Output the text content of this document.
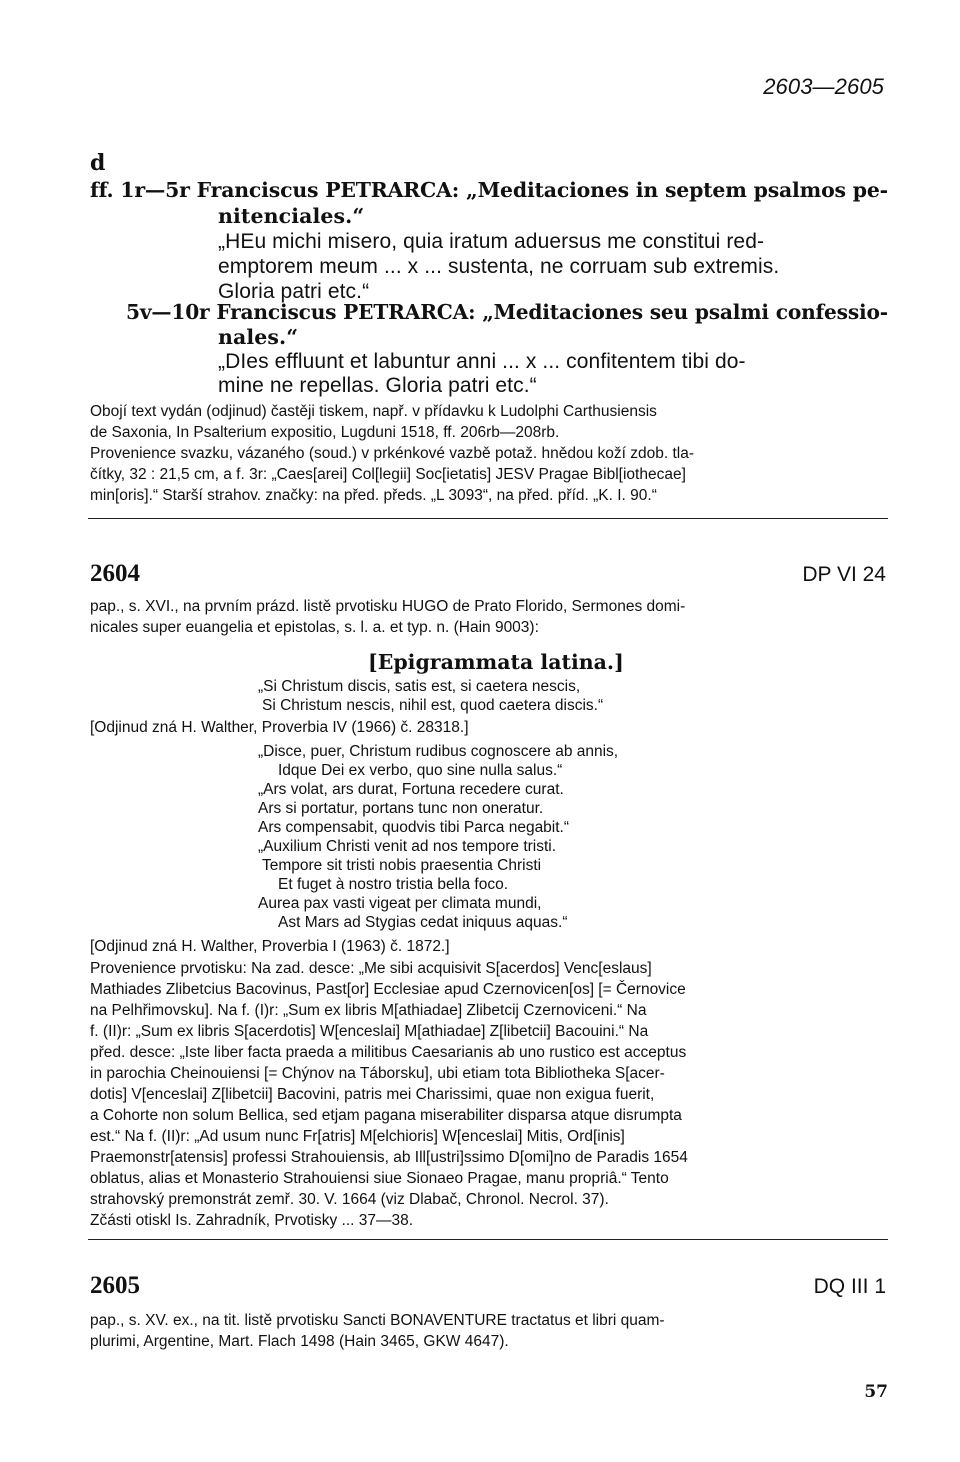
2603—2605
d
ff. 1r—5r Franciscus PETRARCA: „Meditaciones in septem psalmos pe-
nitenciales.“
„HEu michi misero, quia iratum aduersus me constitui red-
emptorem meum ... x ... sustenta, ne corruam sub extremis.
Gloria patri etc.“
5v—10r Franciscus PETRARCA: „Meditaciones seu psalmi confessio-
nales.“
„DIes effluunt et labuntur anni ... x ... confitentem tibi do-
mine ne repellas. Gloria patri etc.“
Obojí text vydán (odjinud) častěji tiskem, např. v přídavku k Ludolphi Carthusiensis
de Saxonia, In Psalterium expositio, Lugduni 1518, ff. 206rb—208rb.
Provenience svazku, vázaného (soud.) v prkénkové vazbě potaž. hnědou koží zdob. tla-
čítky, 32 : 21,5 cm, a f. 3r: „Caes[arei] Col[legii] Soc[ietatis] JESV Pragae Bibl[iothecae]
min[oris].“ Starší strahov. značky: na před. předs. „L 3093“, na před. příd. „K. I. 90.“
2604	DP VI 24
pap., s. XVI., na prvním prázd. listě prvotisku HUGO de Prato Florido, Sermones domi-
nicales super euangelia et epistolas, s. l. a. et typ. n. (Hain 9003):
[Epigrammata latina.]
„Si Christum discis, satis est, si caetera nescis,
Si Christum nescis, nihil est, quod caetera discis.“
[Odjinud zná H. Walther, Proverbia IV (1966) č. 28318.]
„Disce, puer, Christum rudibus cognoscere ab annis,
Idque Dei ex verbo, quo sine nulla salus.“
„Ars volat, ars durat, Fortuna recedere curat.
Ars si portatur, portans tunc non oneratur.
Ars compensabit, quodvis tibi Parca negabit.“
„Auxilium Christi venit ad nos tempore tristi.
Tempore sit tristi nobis praesentia Christi
Et fuget à nostro tristia bella foco.
Aurea pax vasti vigeat per climata mundi,
Ast Mars ad Stygias cedat iniquus aquas.“
[Odjinud zná H. Walther, Proverbia I (1963) č. 1872.]
Provenience prvotisku: Na zad. desce: „Me sibi acquisivit S[acerdos] Venc[eslaus]
Mathiades Zlibetcius Bacovinus, Past[or] Ecclesiae apud Czernovicen[os] [= Černovice
na Pelhřimovsku]. Na f. (I)r: „Sum ex libris M[athiadae] Zlibetcij Czernoviceni.“ Na
f. (II)r: „Sum ex libris S[acerdotis] W[enceslai] M[athiadae] Z[libetcii] Bacouini.“ Na
před. desce: „Iste liber facta praeda a militibus Caesarianis ab uno rustico est acceptus
in parochia Cheinouiensi [= Chýnov na Táborsku], ubi etiam tota Bibliotheka S[acer-
dotis] V[enceslai] Z[libetcii] Bacovini, patris mei Charissimi, quae non exigua fuerit,
a Cohorte non solum Bellica, sed etjam pagana miserabiliter disparsa atque disrumpta
est.“ Na f. (II)r: „Ad usum nunc Fr[atris] M[elchioris] W[enceslai] Mitis, Ord[inis]
Praemonstr[atensis] professi Strahouiensis, ab Ill[ustri]ssimo D[omi]no de Paradis 1654
oblatus, alias et Monasterio Strahouiensi siue Sionaeo Pragae, manu propriâ.“ Tento
strahovský premonstrát zemř. 30. V. 1664 (viz Dlabač, Chronol. Necrol. 37).
Zčásti otiskl Is. Zahradník, Prvotisky ... 37—38.
2605	DQ III 1
pap., s. XV. ex., na tit. listě prvotisku Sancti BONAVENTURE tractatus et libri quam-
plurimi, Argentine, Mart. Flach 1498 (Hain 3465, GKW 4647).
57
